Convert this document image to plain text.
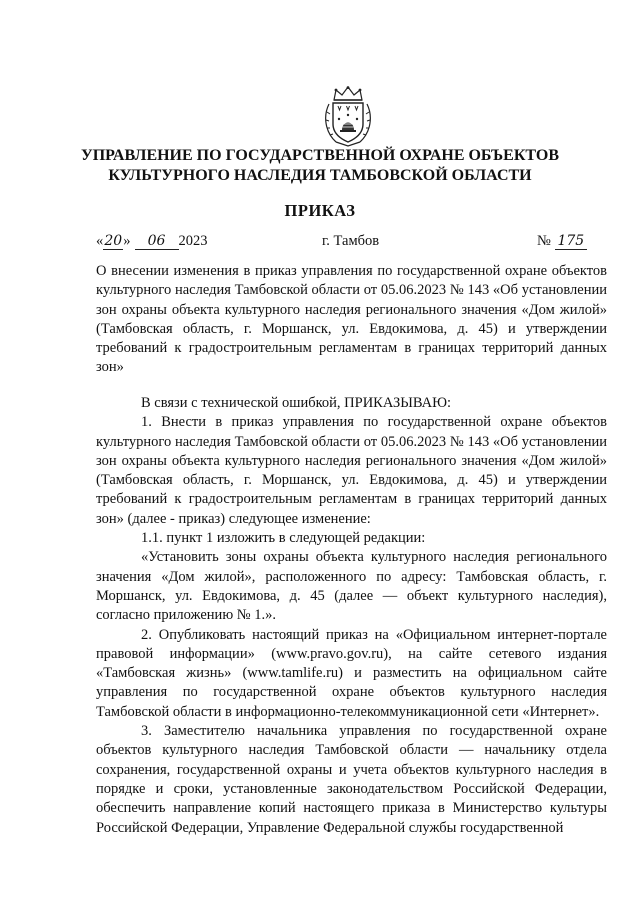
УПРАВЛЕНИЕ ПО ГОСУДАРСТВЕННОЙ ОХРАНЕ ОБЪЕКТОВ
КУЛЬТУРНОГО НАСЛЕДИЯ ТАМБОВСКОЙ ОБЛАСТИ
ПРИКАЗ
«20» 06 2023	г. Тамбов	№ 175

О внесении изменения в приказ управления по государственной охране объектов культурного наследия Тамбовской области от 05.06.2023 № 143 «Об установлении зон охраны объекта культурного наследия регионального значения «Дом жилой» (Тамбовская область, г. Моршанск, ул. Евдокимова, д. 45) и утверждении требований к градостроительным регламентам в границах территорий данных зон»

В связи с технической ошибкой, ПРИКАЗЫВАЮ:

1. Внести в приказ управления по государственной охране объектов культурного наследия Тамбовской области от 05.06.2023 № 143 «Об установлении зон охраны объекта культурного наследия регионального значения «Дом жилой» (Тамбовская область, г. Моршанск, ул. Евдокимова, д. 45) и утверждении требований к градостроительным регламентам в границах территорий данных зон» (далее - приказ) следующее изменение:

1.1. пункт 1 изложить в следующей редакции:

«Установить зоны охраны объекта культурного наследия регионального значения «Дом жилой», расположенного по адресу: Тамбовская область, г. Моршанск, ул. Евдокимова, д. 45 (далее — объект культурного наследия), согласно приложению № 1.».

2. Опубликовать настоящий приказ на «Официальном интернет-портале правовой информации» (www.pravo.gov.ru), на сайте сетевого издания «Тамбовская жизнь» (www.tamlife.ru) и разместить на официальном сайте управления по государственной охране объектов культурного наследия Тамбовской области в информационно-телекоммуникационной сети «Интернет».

3. Заместителю начальника управления по государственной охране объектов культурного наследия Тамбовской области — начальнику отдела сохранения, государственной охраны и учета объектов культурного наследия в порядке и сроки, установленные законодательством Российской Федерации, обеспечить направление копий настоящего приказа в Министерство культуры Российской Федерации, Управление Федеральной службы государственной
